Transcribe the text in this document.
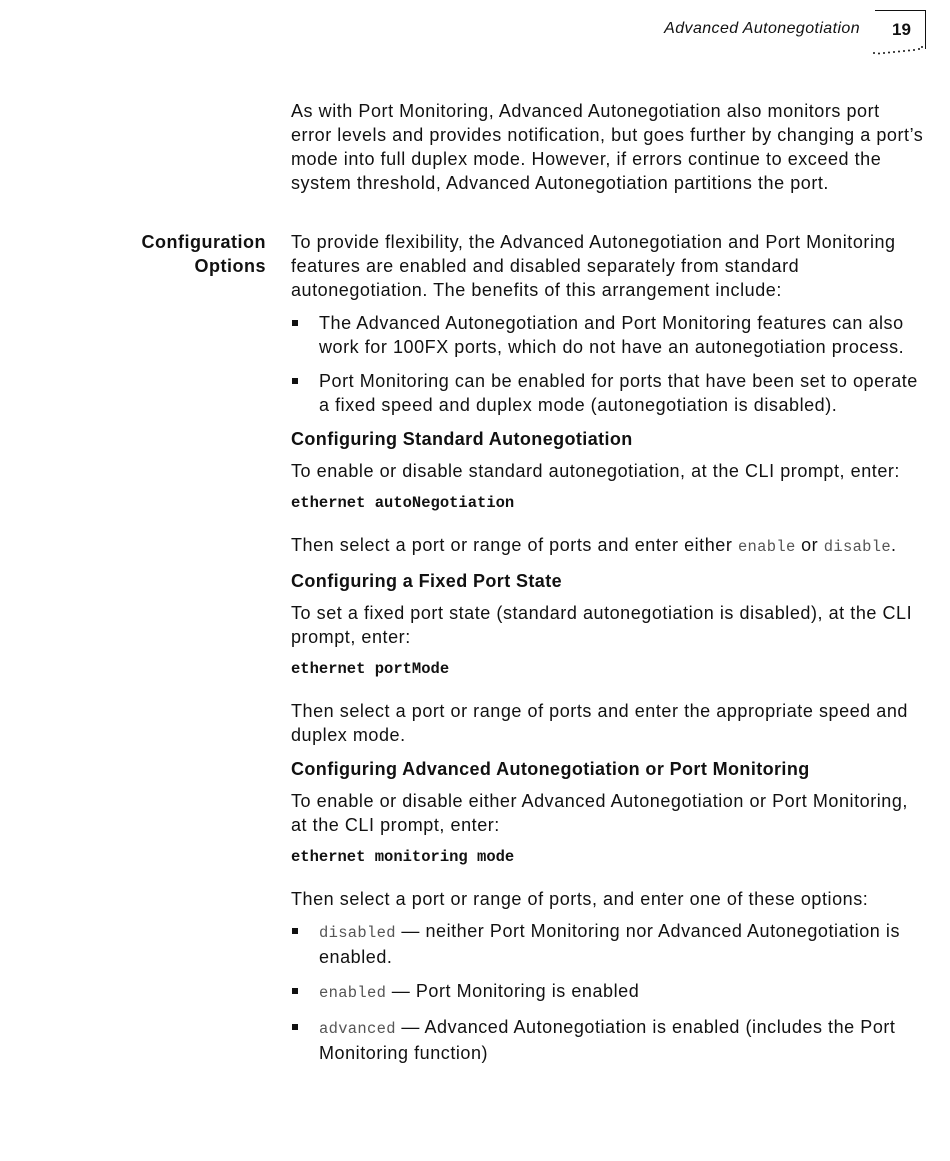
Advanced Autonegotiation 19

As with Port Monitoring, Advanced Autonegotiation also monitors port error levels and provides notification, but goes further by changing a port’s mode into full duplex mode. However, if errors continue to exceed the system threshold, Advanced Autonegotiation partitions the port.

Configuration Options

To provide flexibility, the Advanced Autonegotiation and Port Monitoring features are enabled and disabled separately from standard autonegotiation. The benefits of this arrangement include:

The Advanced Autonegotiation and Port Monitoring features can also work for 100FX ports, which do not have an autonegotiation process.
Port Monitoring can be enabled for ports that have been set to operate a fixed speed and duplex mode (autonegotiation is disabled).
Configuring Standard Autonegotiation

To enable or disable standard autonegotiation, at the CLI prompt, enter:

ethernet autoNegotiation

Then select a port or range of ports and enter either enable or disable.

Configuring a Fixed Port State

To set a fixed port state (standard autonegotiation is disabled), at the CLI prompt, enter:

ethernet portMode

Then select a port or range of ports and enter the appropriate speed and duplex mode.

Configuring Advanced Autonegotiation or Port Monitoring

To enable or disable either Advanced Autonegotiation or Port Monitoring, at the CLI prompt, enter:

ethernet monitoring mode

Then select a port or range of ports, and enter one of these options:

disabled — neither Port Monitoring nor Advanced Autonegotiation is enabled.
enabled — Port Monitoring is enabled
advanced — Advanced Autonegotiation is enabled (includes the Port Monitoring function)
